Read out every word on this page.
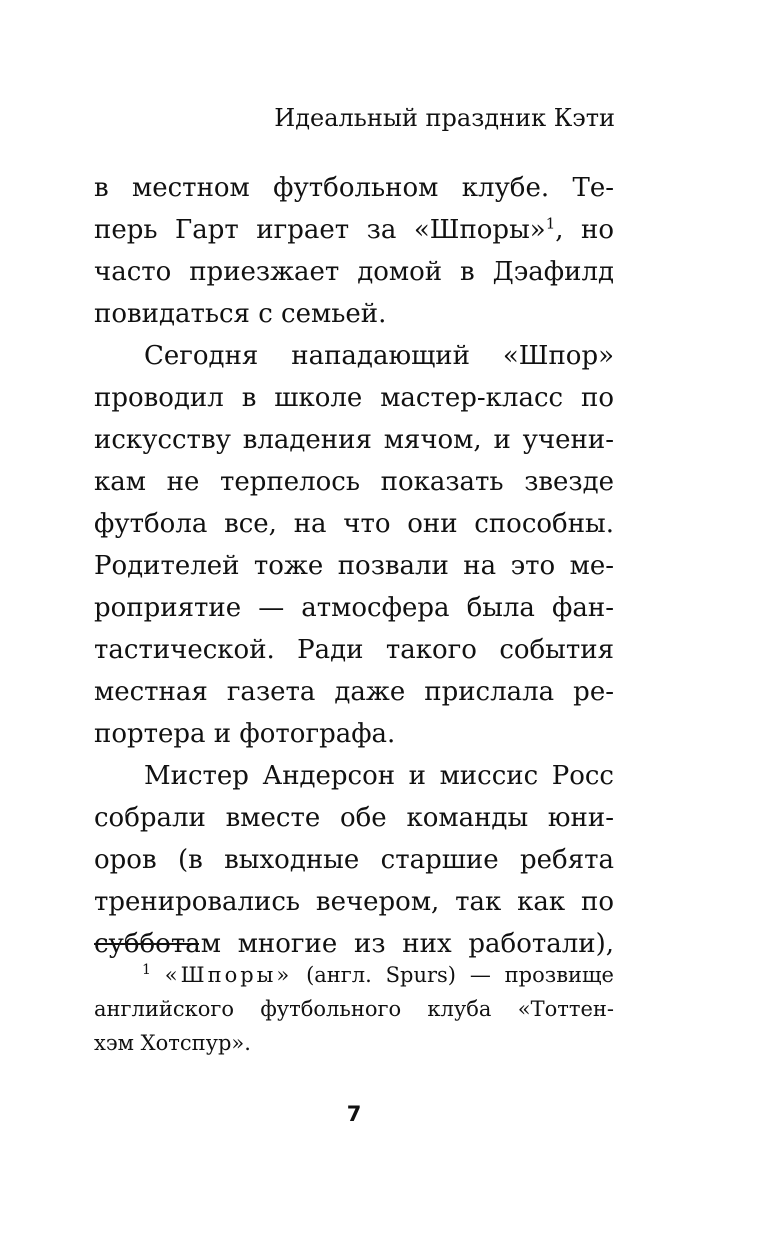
Идеальный праздник Кэти
в местном футбольном клубе. Те-
перь Гарт играет за «Шпоры»$^1$, но
часто приезжает домой в Дэафилд
повидаться с семьей.
Сегодня нападающий «Шпор»
проводил в школе мастер-класс по
искусству владения мячом, и учени-
кам не терпелось показать звезде
футбола все, на что они способны.
Родителей тоже позвали на это ме-
роприятие — атмосфера была фан-
тастической. Ради такого события
местная газета даже прислала ре-
портера и фотографа.
Мистер Андерсон и миссис Росс
собрали вместе обе команды юни-
оров (в выходные старшие ребята
тренировались вечером, так как по
субботам многие из них работали),
$^1$ «Шпоры» (англ. Spurs) — прозвище
английского футбольного клуба «Тоттен-
хэм Хотспур».
7
